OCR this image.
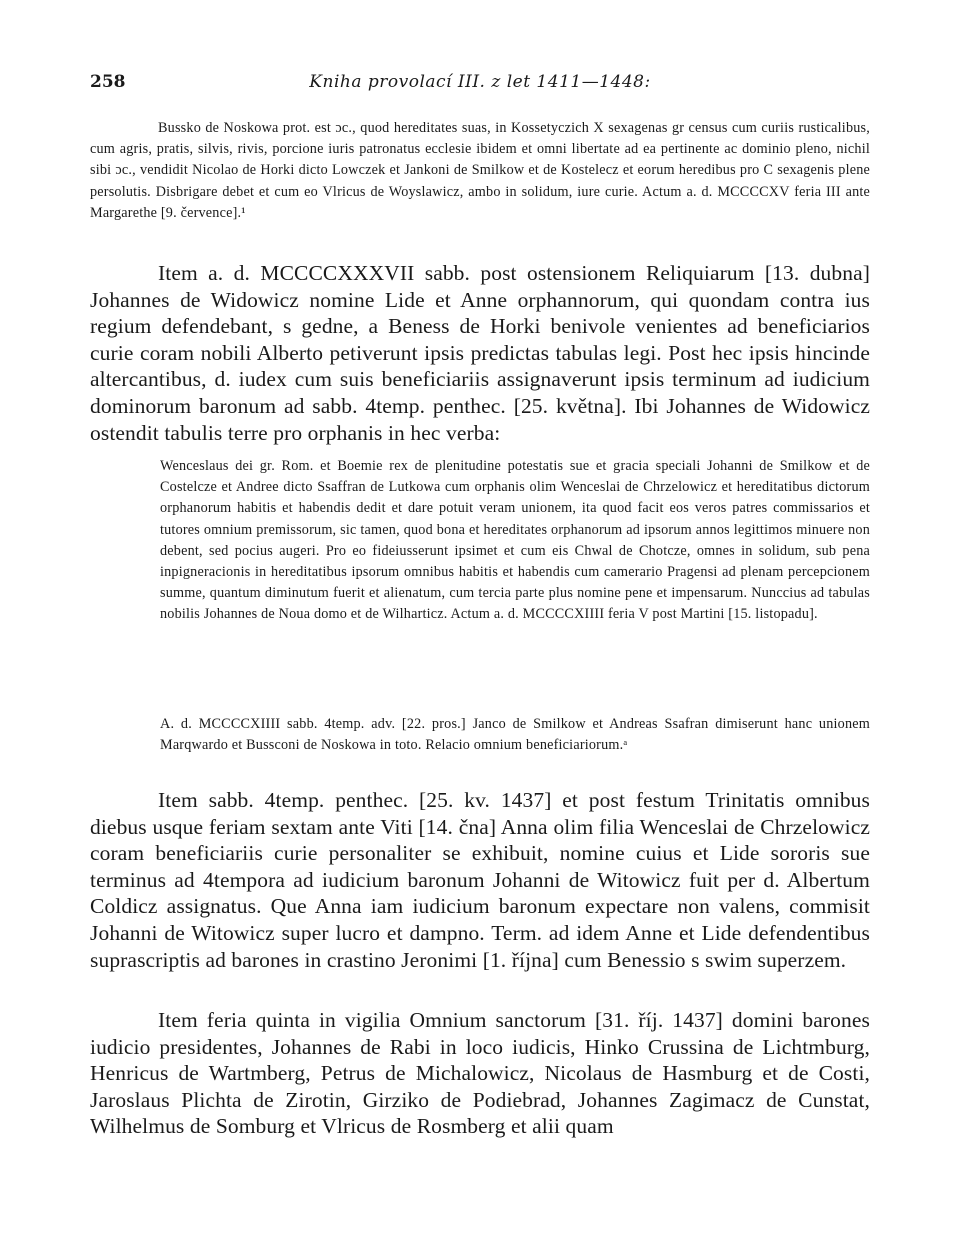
258	Kniha provolací III. z let 1411—1448:

Bussko de Noskowa prot. est ɔc., quod hereditates suas, in Kossetyczich X sexagenas gr census cum curiis rusticalibus, cum agris, pratis, silvis, rivis, porcione iuris patronatus ecclesie ibidem et omni libertate ad ea pertinente ac dominio pleno, nichil sibi ɔc., vendidit Nicolao de Horki dicto Lowczek et Jankoni de Smilkow et de Kostelecz et eorum heredibus pro C sexagenis plene persolutis. Disbrigare debet et cum eo Vlricus de Woyslawicz, ambo in solidum, iure curie. Actum a. d. MCCCCXV feria III ante Margarethe [9. července].¹

Item a. d. MCCCCXXXVII sabb. post ostensionem Reliquiarum [13. dubna] Johannes de Widowicz nomine Lide et Anne orphannorum, qui quondam contra ius regium defendebant, s gedne, a Beness de Horki benivole venientes ad beneficiarios curie coram nobili Alberto petiverunt ipsis predictas tabulas legi. Post hec ipsis hincinde altercantibus, d. iudex cum suis beneficiariis assignaverunt ipsis terminum ad iudicium dominorum baronum ad sabb. 4temp. penthec. [25. května]. Ibi Johannes de Widowicz ostendit tabulis terre pro orphanis in hec verba:

Wenceslaus dei gr. Rom. et Boemie rex de plenitudine potestatis sue et gracia speciali Johanni de Smilkow et de Costelcze et Andree dicto Ssaffran de Lutkowa cum orphanis olim Wenceslai de Chrzelowicz et hereditatibus dictorum orphanorum habitis et habendis dedit et dare potuit veram unionem, ita quod facit eos veros patres commissarios et tutores omnium premissorum, sic tamen, quod bona et hereditates orphanorum ad ipsorum annos legittimos minuere non debent, sed pocius augeri. Pro eo fideiusserunt ipsimet et cum eis Chwal de Chotcze, omnes in solidum, sub pena inpigneracionis in hereditatibus ipsorum omnibus habitis et habendis cum camerario Pragensi ad plenam percepcionem summe, quantum diminutum fuerit et alienatum, cum tercia parte plus nomine pene et impensarum. Nunccius ad tabulas nobilis Johannes de Noua domo et de Wilharticz. Actum a. d. MCCCCXIIII feria V post Martini [15. listopadu].

A. d. MCCCCXIIII sabb. 4temp. adv. [22. pros.] Janco de Smilkow et Andreas Ssafran dimiserunt hanc unionem Marqwardo et Bussconi de Noskowa in toto. Relacio omnium beneficiariorum.ᵃ

Item sabb. 4temp. penthec. [25. kv. 1437] et post festum Trinitatis omnibus diebus usque feriam sextam ante Viti [14. čna] Anna olim filia Wenceslai de Chrzelowicz coram beneficiariis curie personaliter se exhibuit, nomine cuius et Lide sororis sue terminus ad 4tempora ad iudicium baronum Johanni de Witowicz fuit per d. Albertum Coldicz assignatus. Que Anna iam iudicium baronum expectare non valens, commisit Johanni de Witowicz super lucro et dampno. Term. ad idem Anne et Lide defendentibus suprascriptis ad barones in crastino Jeronimi [1. října] cum Benessio s swim superzem.

Item feria quinta in vigilia Omnium sanctorum [31. říj. 1437] domini barones iudicio presidentes, Johannes de Rabi in loco iudicis, Hinko Crussina de Lichtmburg, Henricus de Wartmberg, Petrus de Michalowicz, Nicolaus de Hasmburg et de Costi, Jaroslaus Plichta de Zirotin, Girziko de Podiebrad, Johannes Zagimacz de Cunstat, Wilhelmus de Somburg et Vlricus de Rosmberg et alii quam
